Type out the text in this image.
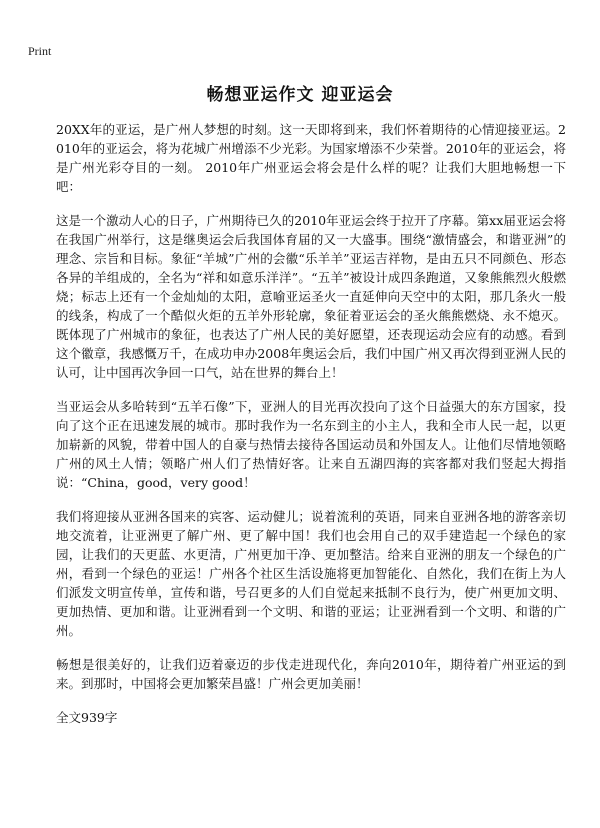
Print
畅想亚运作文 迎亚运会

20XX年的亚运，是广州人梦想的时刻。这一天即将到来，我们怀着期待的心情迎接亚运。2010年的亚运会，将为花城广州增添不少光彩。为国家增添不少荣誉。2010年的亚运会，将是广州光彩夺目的一刻。 2010年广州亚运会将会是什么样的呢？让我们大胆地畅想一下吧：

这是一个激动人心的日子，广州期待已久的2010年亚运会终于拉开了序幕。第xx届亚运会将在我国广州举行，这是继奥运会后我国体育届的又一大盛事。围绕“激情盛会，和谐亚洲”的 理念、宗旨和目标。象征“羊城”广州的会徽“乐羊羊”亚运吉祥物，是由五只不同颜色、形态各异的羊组成的，全名为“祥和如意乐洋洋”。“五羊”被设计成四条跑道，又象熊熊烈火般燃烧；标志上还有一个金灿灿的太阳，意喻亚运圣火一直延伸向天空中的太阳，那几条火一般的线条，构成了一个酷似火炬的五羊外形轮廓，象征着亚运会的圣火熊熊燃烧、永不熄灭。既体现了广州城市的象征，也表达了广州人民的美好愿望，还表现运动会应有的动感。看到这个徽章，我感慨万千，在成功申办2008年奥运会后，我们中国广州又再次得到亚洲人民的认可，让中国再次争回一口气，站在世界的舞台上！

当亚运会从多哈转到“五羊石像”下，亚洲人的目光再次投向了这个日益强大的东方国家，投向了这个正在迅速发展的城市。那时我作为一名东到主的小主人，我和全市人民一起，以更加崭新的风貌，带着中国人的自豪与热情去接待各国运动员和外国友人。让他们尽情地领略广州的风土人情；领略广州人们了热情好客。让来自五湖四海的宾客都对我们竖起大拇指说：“China，good，very good！

我们将迎接从亚洲各国来的宾客、运动健儿；说着流利的英语，同来自亚洲各地的游客亲切地交流着，让亚洲更了解广州、更了解中国！我们也会用自己的双手建造起一个绿色的家园，让我们的天更蓝、水更清，广州更加干净、更加整洁。给来自亚洲的朋友一个绿色的广州，看到一个绿色的亚运！广州各个社区生活设施将更加智能化、自然化，我们在街上为人们派发文明宣传单，宣传和谐，号召更多的人们自觉起来抵制不良行为，使广州更加文明、更加热情、更加和谐。让亚洲看到一个文明、和谐的亚运；让亚洲看到一个文明、和谐的广州。

畅想是很美好的，让我们迈着豪迈的步伐走进现代化，奔向2010年，期待着广州亚运的到来。到那时，中国将会更加繁荣昌盛！广州会更加美丽！

全文939字
